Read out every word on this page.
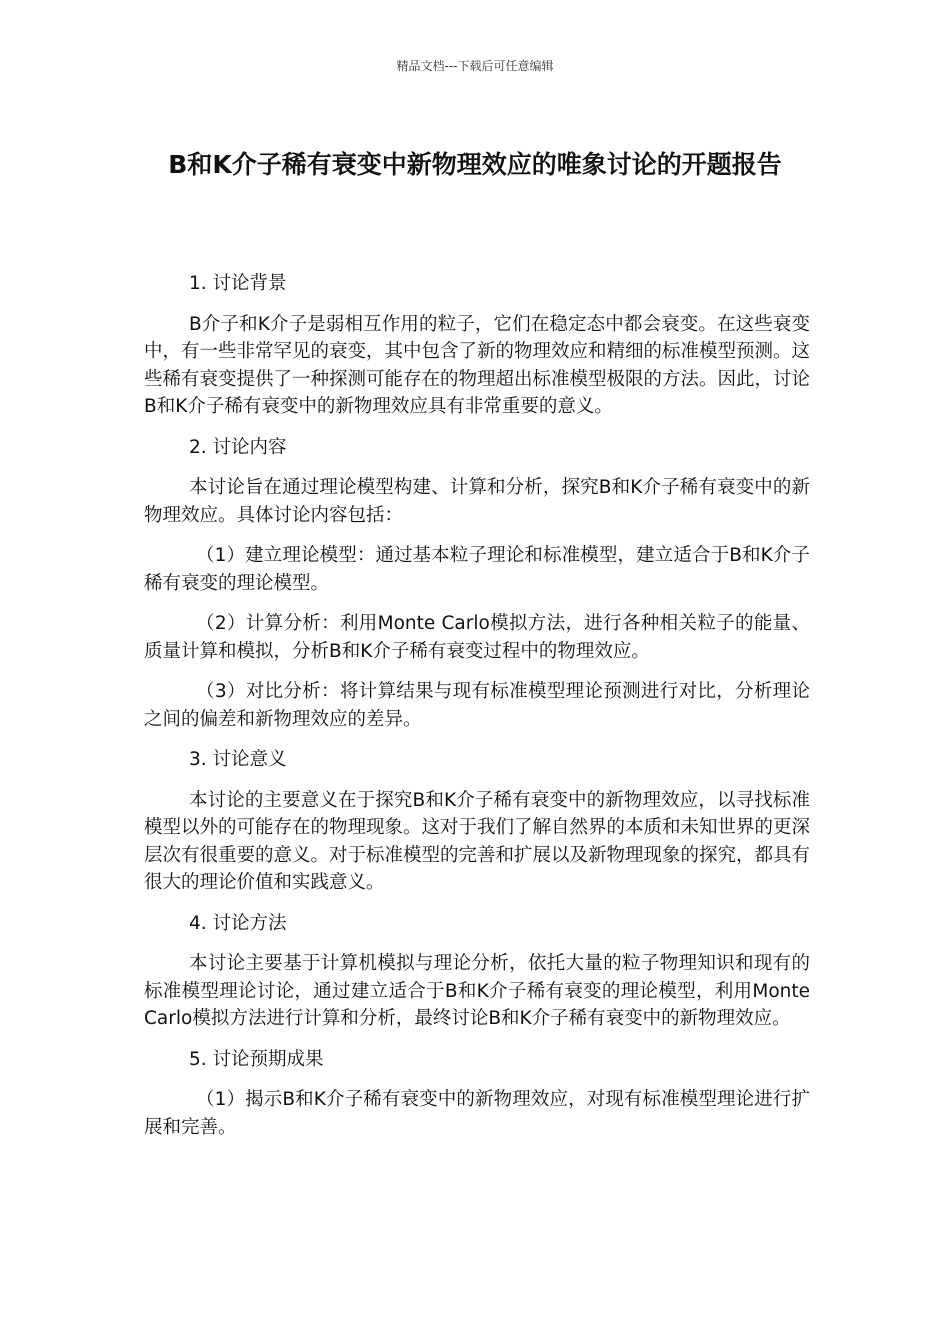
精品文档---下载后可任意编辑
B和K介子稀有衰变中新物理效应的唯象讨论的开题报告
1. 讨论背景
B介子和K介子是弱相互作用的粒子，它们在稳定态中都会衰变。在这些衰变中，有一些非常罕见的衰变，其中包含了新的物理效应和精细的标准模型预测。这些稀有衰变提供了一种探测可能存在的物理超出标准模型极限的方法。因此，讨论B和K介子稀有衰变中的新物理效应具有非常重要的意义。
2. 讨论内容
本讨论旨在通过理论模型构建、计算和分析，探究B和K介子稀有衰变中的新物理效应。具体讨论内容包括：
（1）建立理论模型：通过基本粒子理论和标准模型，建立适合于B和K介子稀有衰变的理论模型。
（2）计算分析：利用Monte Carlo模拟方法，进行各种相关粒子的能量、质量计算和模拟，分析B和K介子稀有衰变过程中的物理效应。
（3）对比分析：将计算结果与现有标准模型理论预测进行对比，分析理论之间的偏差和新物理效应的差异。
3. 讨论意义
本讨论的主要意义在于探究B和K介子稀有衰变中的新物理效应，以寻找标准模型以外的可能存在的物理现象。这对于我们了解自然界的本质和未知世界的更深层次有很重要的意义。对于标准模型的完善和扩展以及新物理现象的探究，都具有很大的理论价值和实践意义。
4. 讨论方法
本讨论主要基于计算机模拟与理论分析，依托大量的粒子物理知识和现有的标准模型理论讨论，通过建立适合于B和K介子稀有衰变的理论模型，利用Monte Carlo模拟方法进行计算和分析，最终讨论B和K介子稀有衰变中的新物理效应。
5. 讨论预期成果
（1）揭示B和K介子稀有衰变中的新物理效应，对现有标准模型理论进行扩展和完善。
